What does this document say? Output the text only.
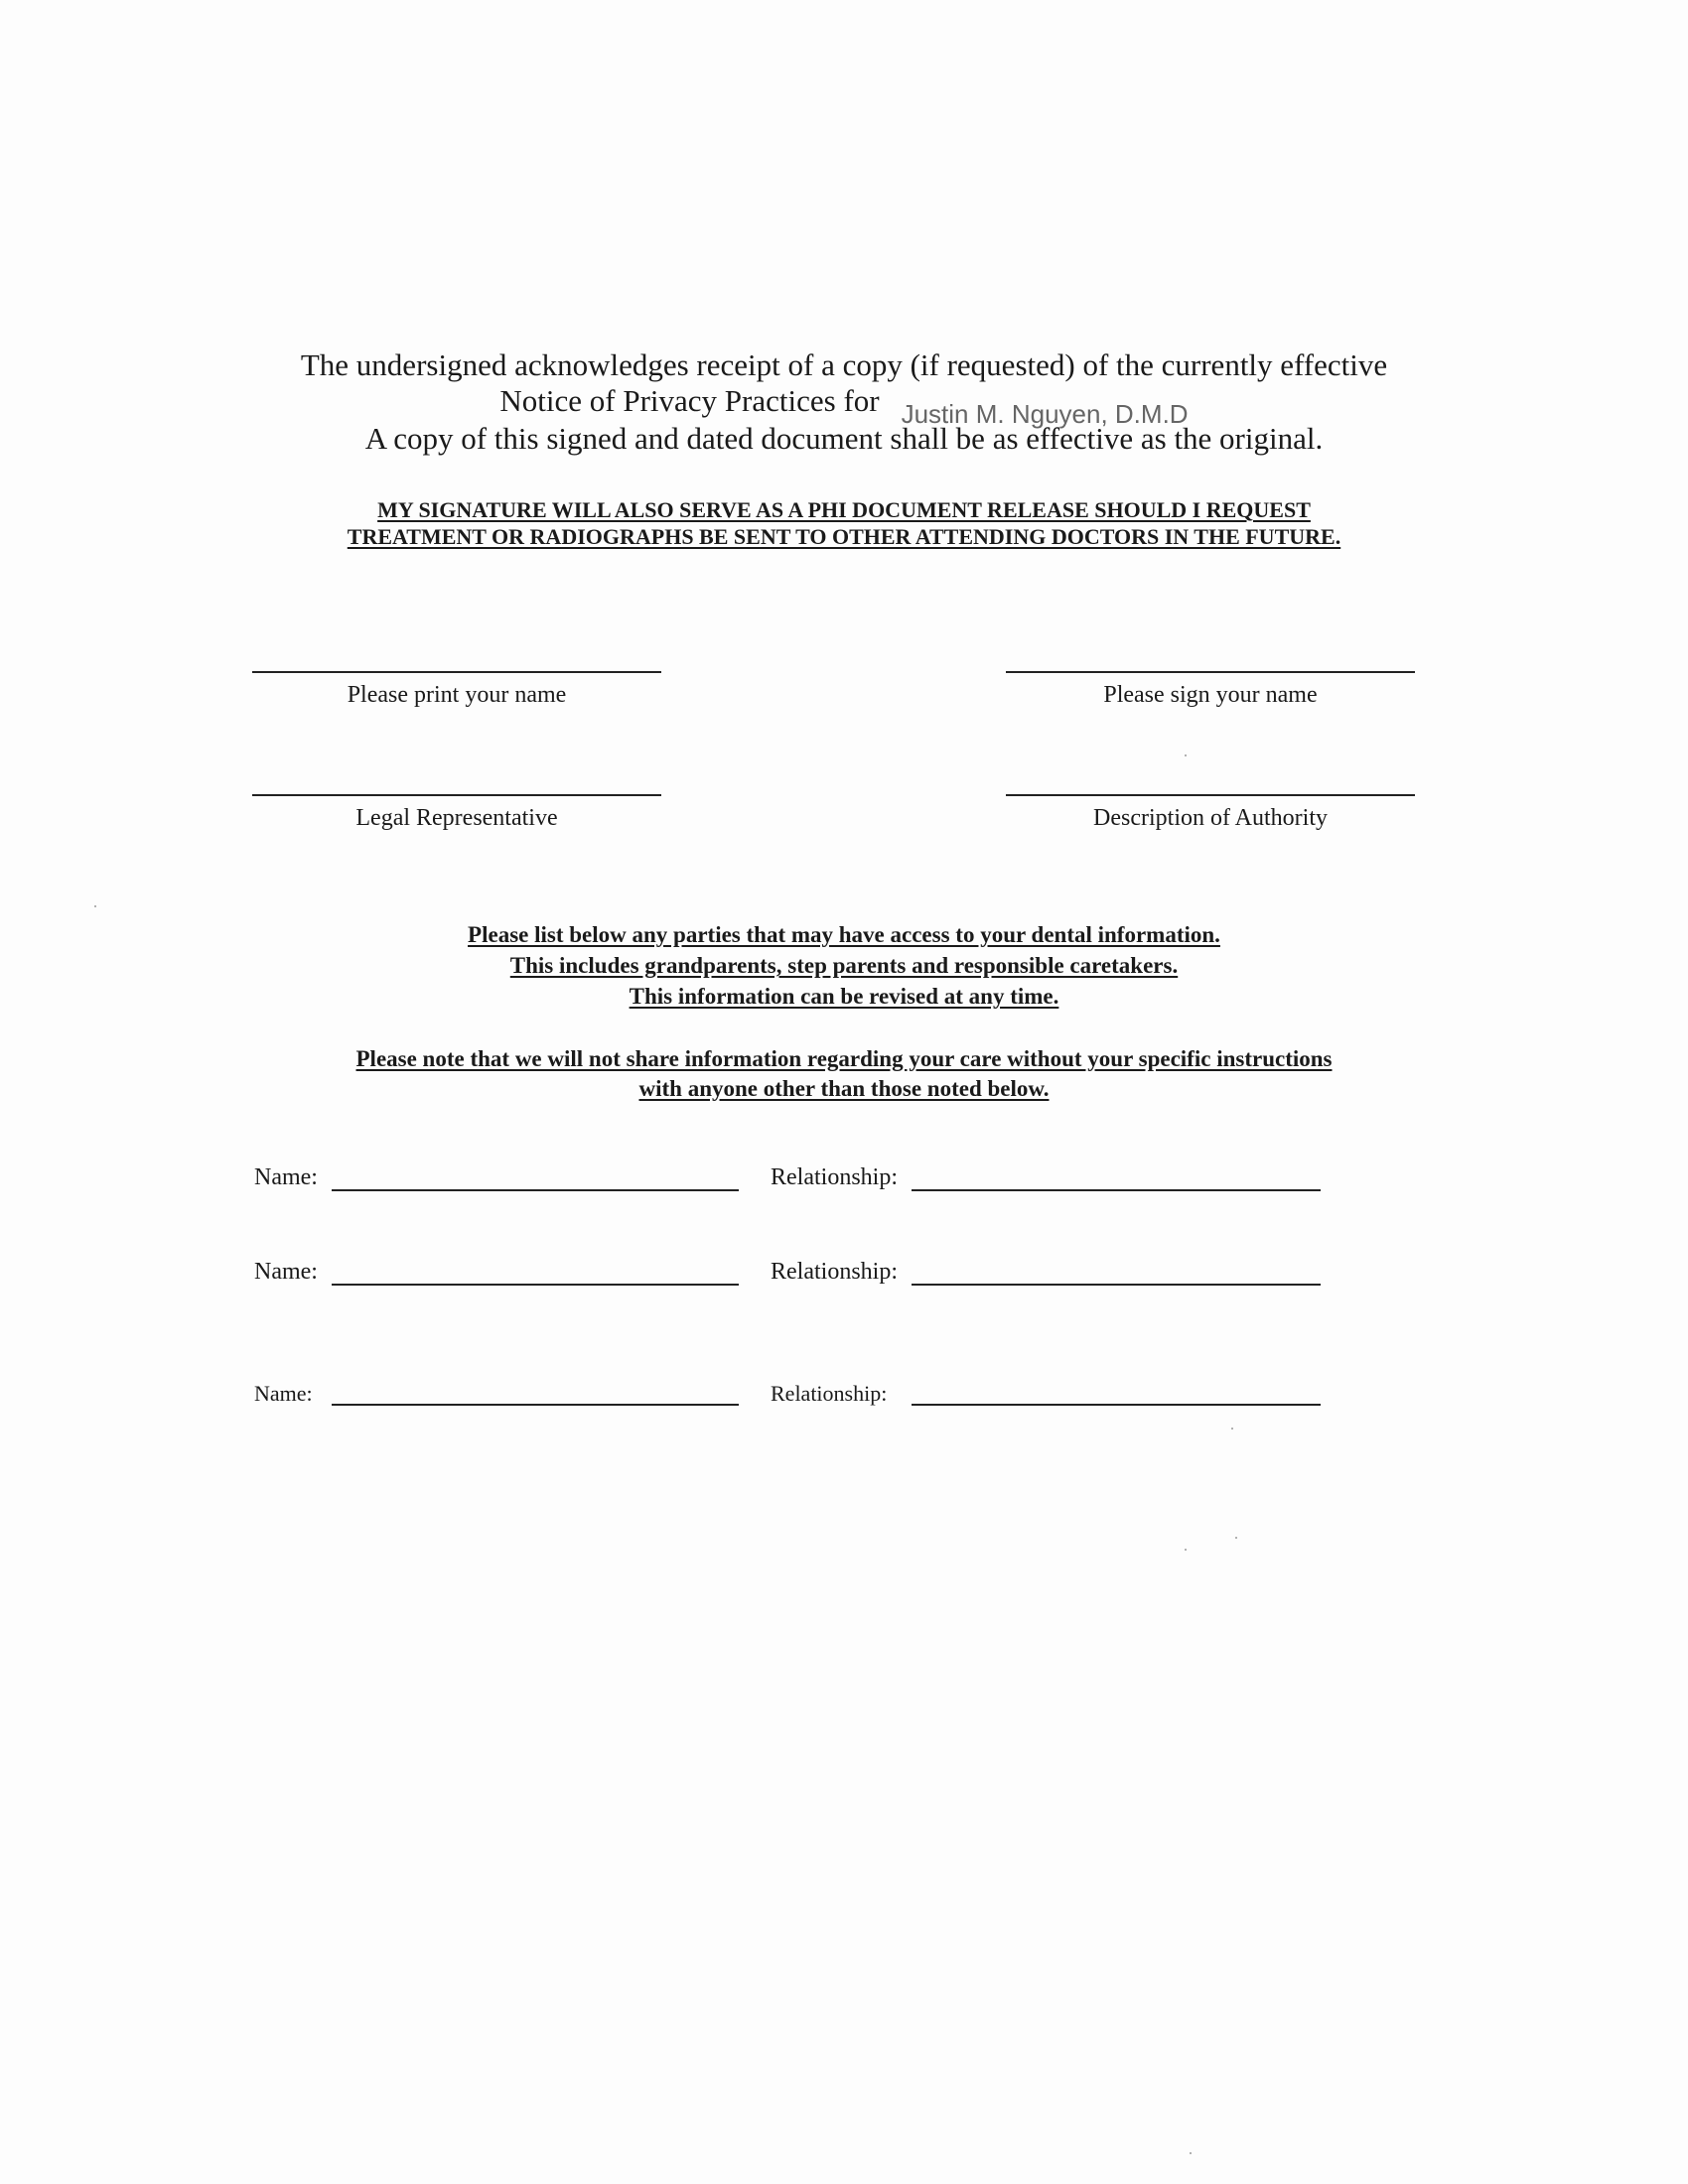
The undersigned acknowledges receipt of a copy (if requested) of the currently effective
Notice of Privacy Practices for Justin M. Nguyen, D.M.D
A copy of this signed and dated document shall be as effective as the original.
MY SIGNATURE WILL ALSO SERVE AS A PHI DOCUMENT RELEASE SHOULD I REQUEST
TREATMENT OR RADIOGRAPHS BE SENT TO OTHER ATTENDING DOCTORS IN THE FUTURE.
Please print your name	Please sign your name
Legal Representative	Description of Authority
Please list below any parties that may have access to your dental information.
This includes grandparents, step parents and responsible caretakers.
This information can be revised at any time.
Please note that we will not share information regarding your care without your specific instructions
with anyone other than those noted below.
Name:	Relationship:
Name:	Relationship:
Name:	Relationship:
